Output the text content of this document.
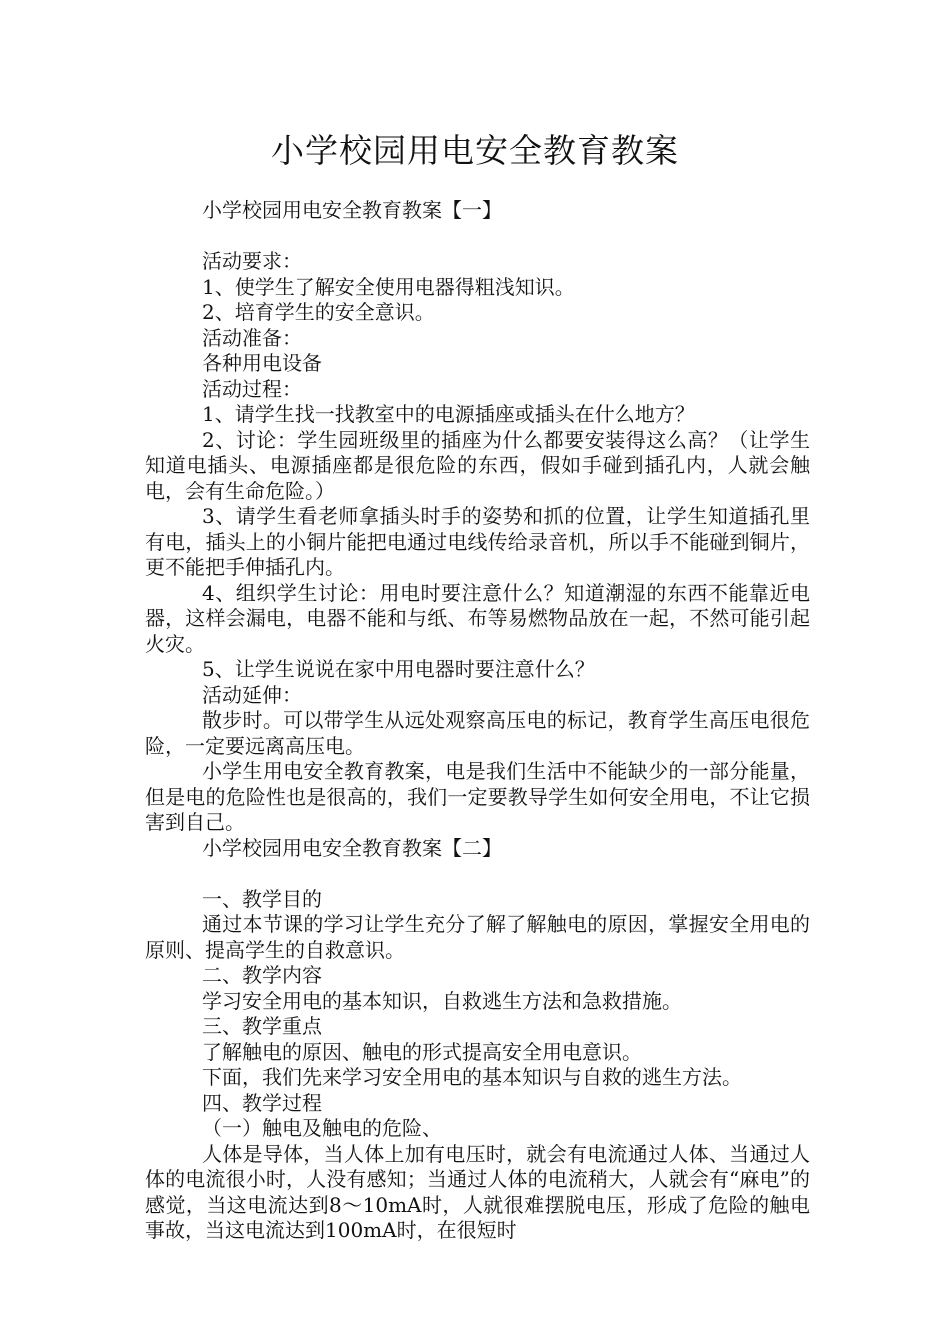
小学校园用电安全教育教案

小学校园用电安全教育教案【一】

活动要求：

1、使学生了解安全使用电器得粗浅知识。

2、培育学生的安全意识。

活动准备：

各种用电设备

活动过程：

1、请学生找一找教室中的电源插座或插头在什么地方？

2、讨论：学生园班级里的插座为什么都要安装得这么高？（让学生知道电插头、电源插座都是很危险的东西，假如手碰到插孔内，人就会触电，会有生命危险。）

3、请学生看老师拿插头时手的姿势和抓的位置，让学生知道插孔里有电，插头上的小铜片能把电通过电线传给录音机，所以手不能碰到铜片，更不能把手伸插孔内。

4、组织学生讨论：用电时要注意什么？知道潮湿的东西不能靠近电器，这样会漏电，电器不能和与纸、布等易燃物品放在一起，不然可能引起火灾。

5、让学生说说在家中用电器时要注意什么？

活动延伸：

散步时。可以带学生从远处观察高压电的标记，教育学生高压电很危险，一定要远离高压电。

小学生用电安全教育教案，电是我们生活中不能缺少的一部分能量，但是电的危险性也是很高的，我们一定要教导学生如何安全用电，不让它损害到自己。

小学校园用电安全教育教案【二】

一、教学目的

通过本节课的学习让学生充分了解了解触电的原因，掌握安全用电的原则、提高学生的自救意识。

二、教学内容

学习安全用电的基本知识，自救逃生方法和急救措施。

三、教学重点

了解触电的原因、触电的形式提高安全用电意识。

下面，我们先来学习安全用电的基本知识与自救的逃生方法。

四、教学过程

（一）触电及触电的危险、

人体是导体，当人体上加有电压时，就会有电流通过人体、当通过人体的电流很小时，人没有感知；当通过人体的电流稍大，人就会有“麻电”的感觉，当这电流达到8～10mA时，人就很难摆脱电压，形成了危险的触电事故，当这电流达到100mA时，在很短时
